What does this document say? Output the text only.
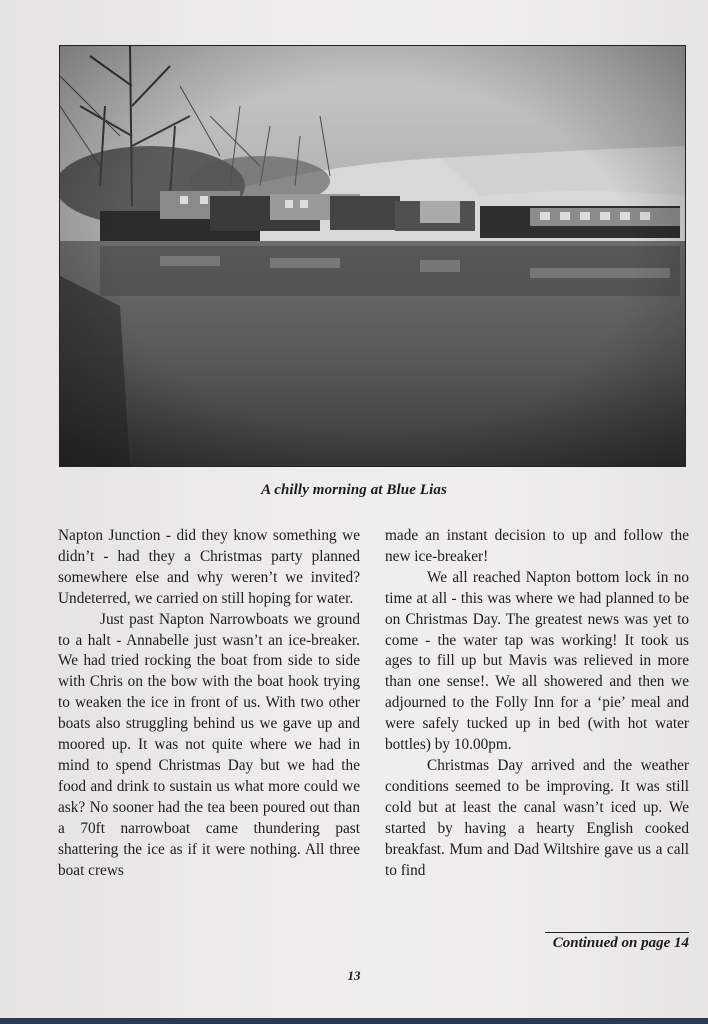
A chilly morning at Blue Lias

Napton Junction - did they know something we didn’t - had they a Christmas party planned somewhere else and why weren’t we invited? Undeterred, we carried on still hoping for water.

Just past Napton Narrowboats we ground to a halt - Annabelle just wasn’t an ice-breaker. We had tried rocking the boat from side to side with Chris on the bow with the boat hook trying to weaken the ice in front of us. With two other boats also struggling behind us we gave up and moored up. It was not quite where we had in mind to spend Christmas Day but we had the food and drink to sustain us what more could we ask? No sooner had the tea been poured out than a 70ft narrowboat came thundering past shattering the ice as if it were nothing. All three boat crews

made an instant decision to up and follow the new ice-breaker!

We all reached Napton bottom lock in no time at all - this was where we had planned to be on Christmas Day. The greatest news was yet to come - the water tap was working! It took us ages to fill up but Mavis was relieved in more than one sense!. We all showered and then we adjourned to the Folly Inn for a ‘pie’ meal and were safely tucked up in bed (with hot water bottles) by 10.00pm.

Christmas Day arrived and the weather conditions seemed to be improving. It was still cold but at least the canal wasn’t iced up. We started by having a hearty English cooked breakfast. Mum and Dad Wiltshire gave us a call to find

Continued on page 14
13
